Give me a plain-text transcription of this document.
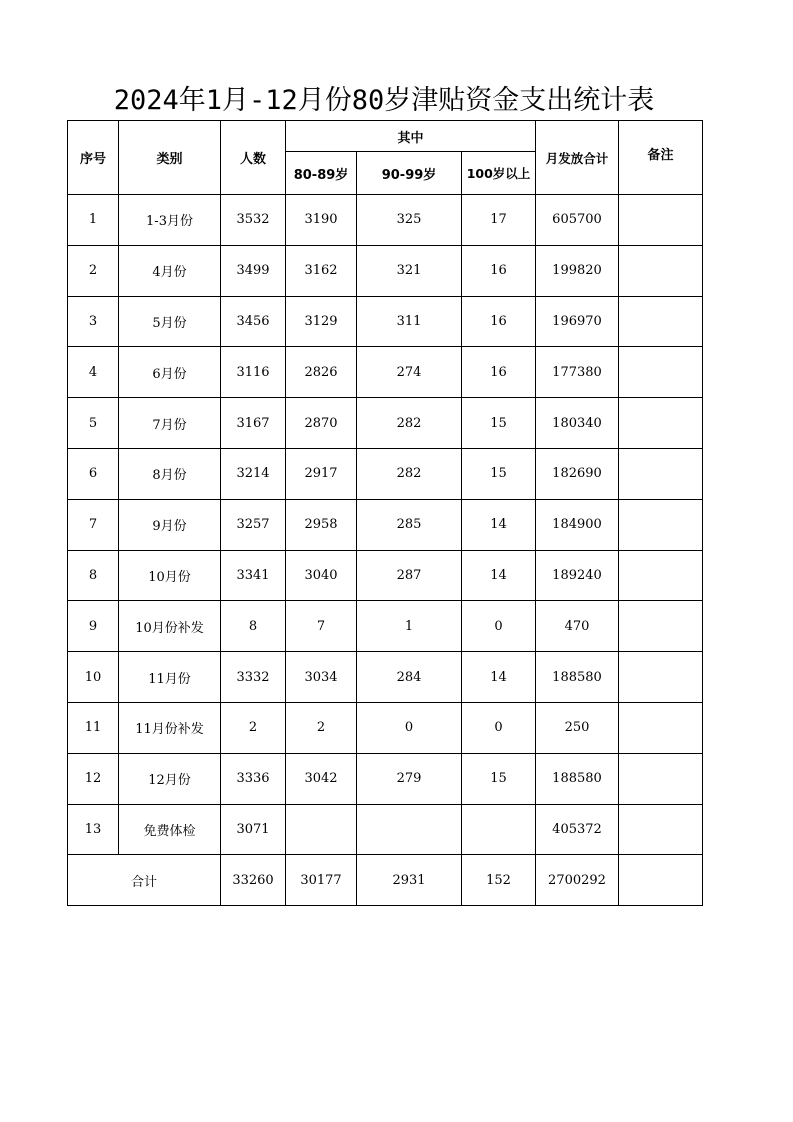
2024年1月-12月份80岁津贴资金支出统计表
序号	类别	人数	其中			月发放合计	备注
			80-89岁	90-99岁	100岁以上		
1	1-3月份	3532	3190	325	17	605700	
2	4月份	3499	3162	321	16	199820	
3	5月份	3456	3129	311	16	196970	
4	6月份	3116	2826	274	16	177380	
5	7月份	3167	2870	282	15	180340	
6	8月份	3214	2917	282	15	182690	
7	9月份	3257	2958	285	14	184900	
8	10月份	3341	3040	287	14	189240	
9	10月份补发	8	7	1	0	470	
10	11月份	3332	3034	284	14	188580	
11	11月份补发	2	2	0	0	250	
12	12月份	3336	3042	279	15	188580	
13	免费体检	3071				405372	
合计		33260	30177	2931	152	2700292	
